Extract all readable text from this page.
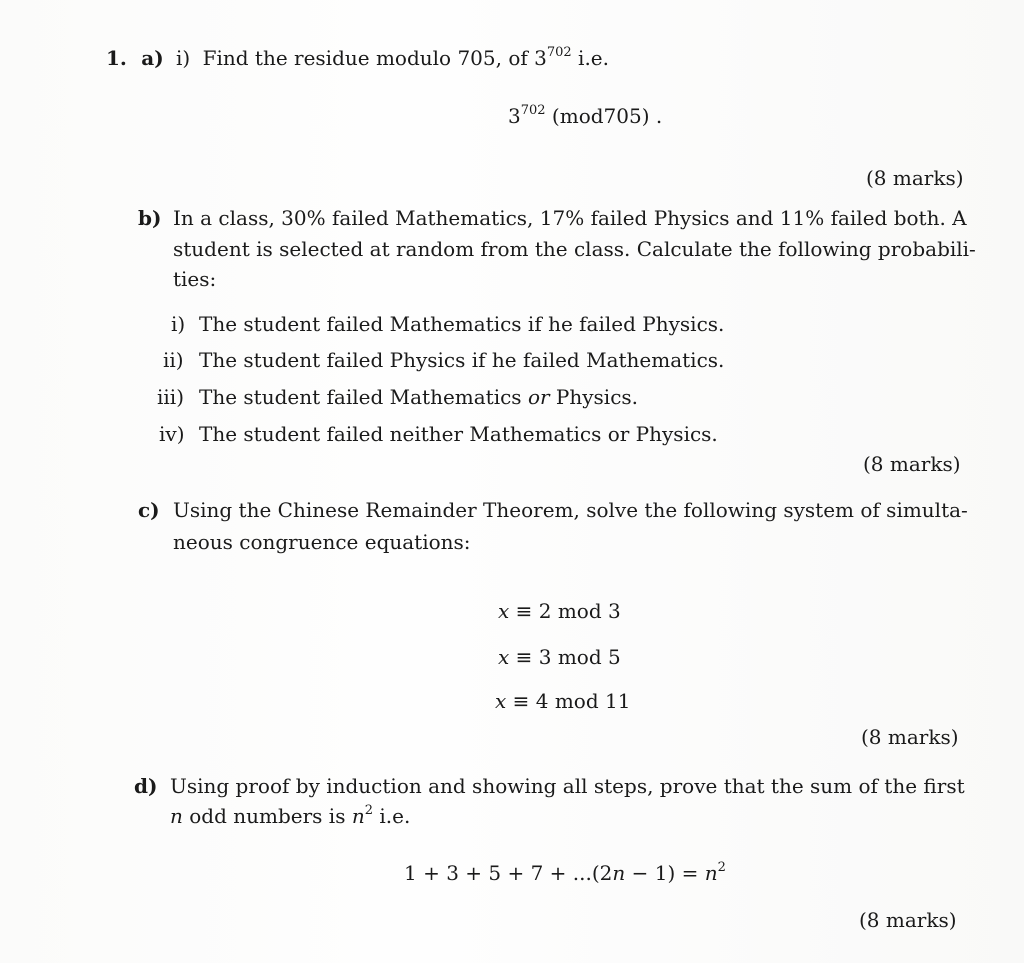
1. a) i) Find the residue modulo 705, of $3^{702}$ i.e.
$3^{702}$ (mod705) .
(8 marks)
b) In a class, 30% failed Mathematics, 17% failed Physics and 11% failed both. A
student is selected at random from the class. Calculate the following probabili-
ties:
i) The student failed Mathematics if he failed Physics.
ii) The student failed Physics if he failed Mathematics.
iii) The student failed Mathematics or Physics.
iv) The student failed neither Mathematics or Physics.
(8 marks)
c) Using the Chinese Remainder Theorem, solve the following system of simulta-
neous congruence equations:
x ≡ 2 mod 3
x ≡ 3 mod 5
x ≡ 4 mod 11
(8 marks)
d) Using proof by induction and showing all steps, prove that the sum of the first
n odd numbers is $n^2$ i.e.
$1 + 3 + 5 + 7 + ...(2n - 1) = n^2$
(8 marks)
